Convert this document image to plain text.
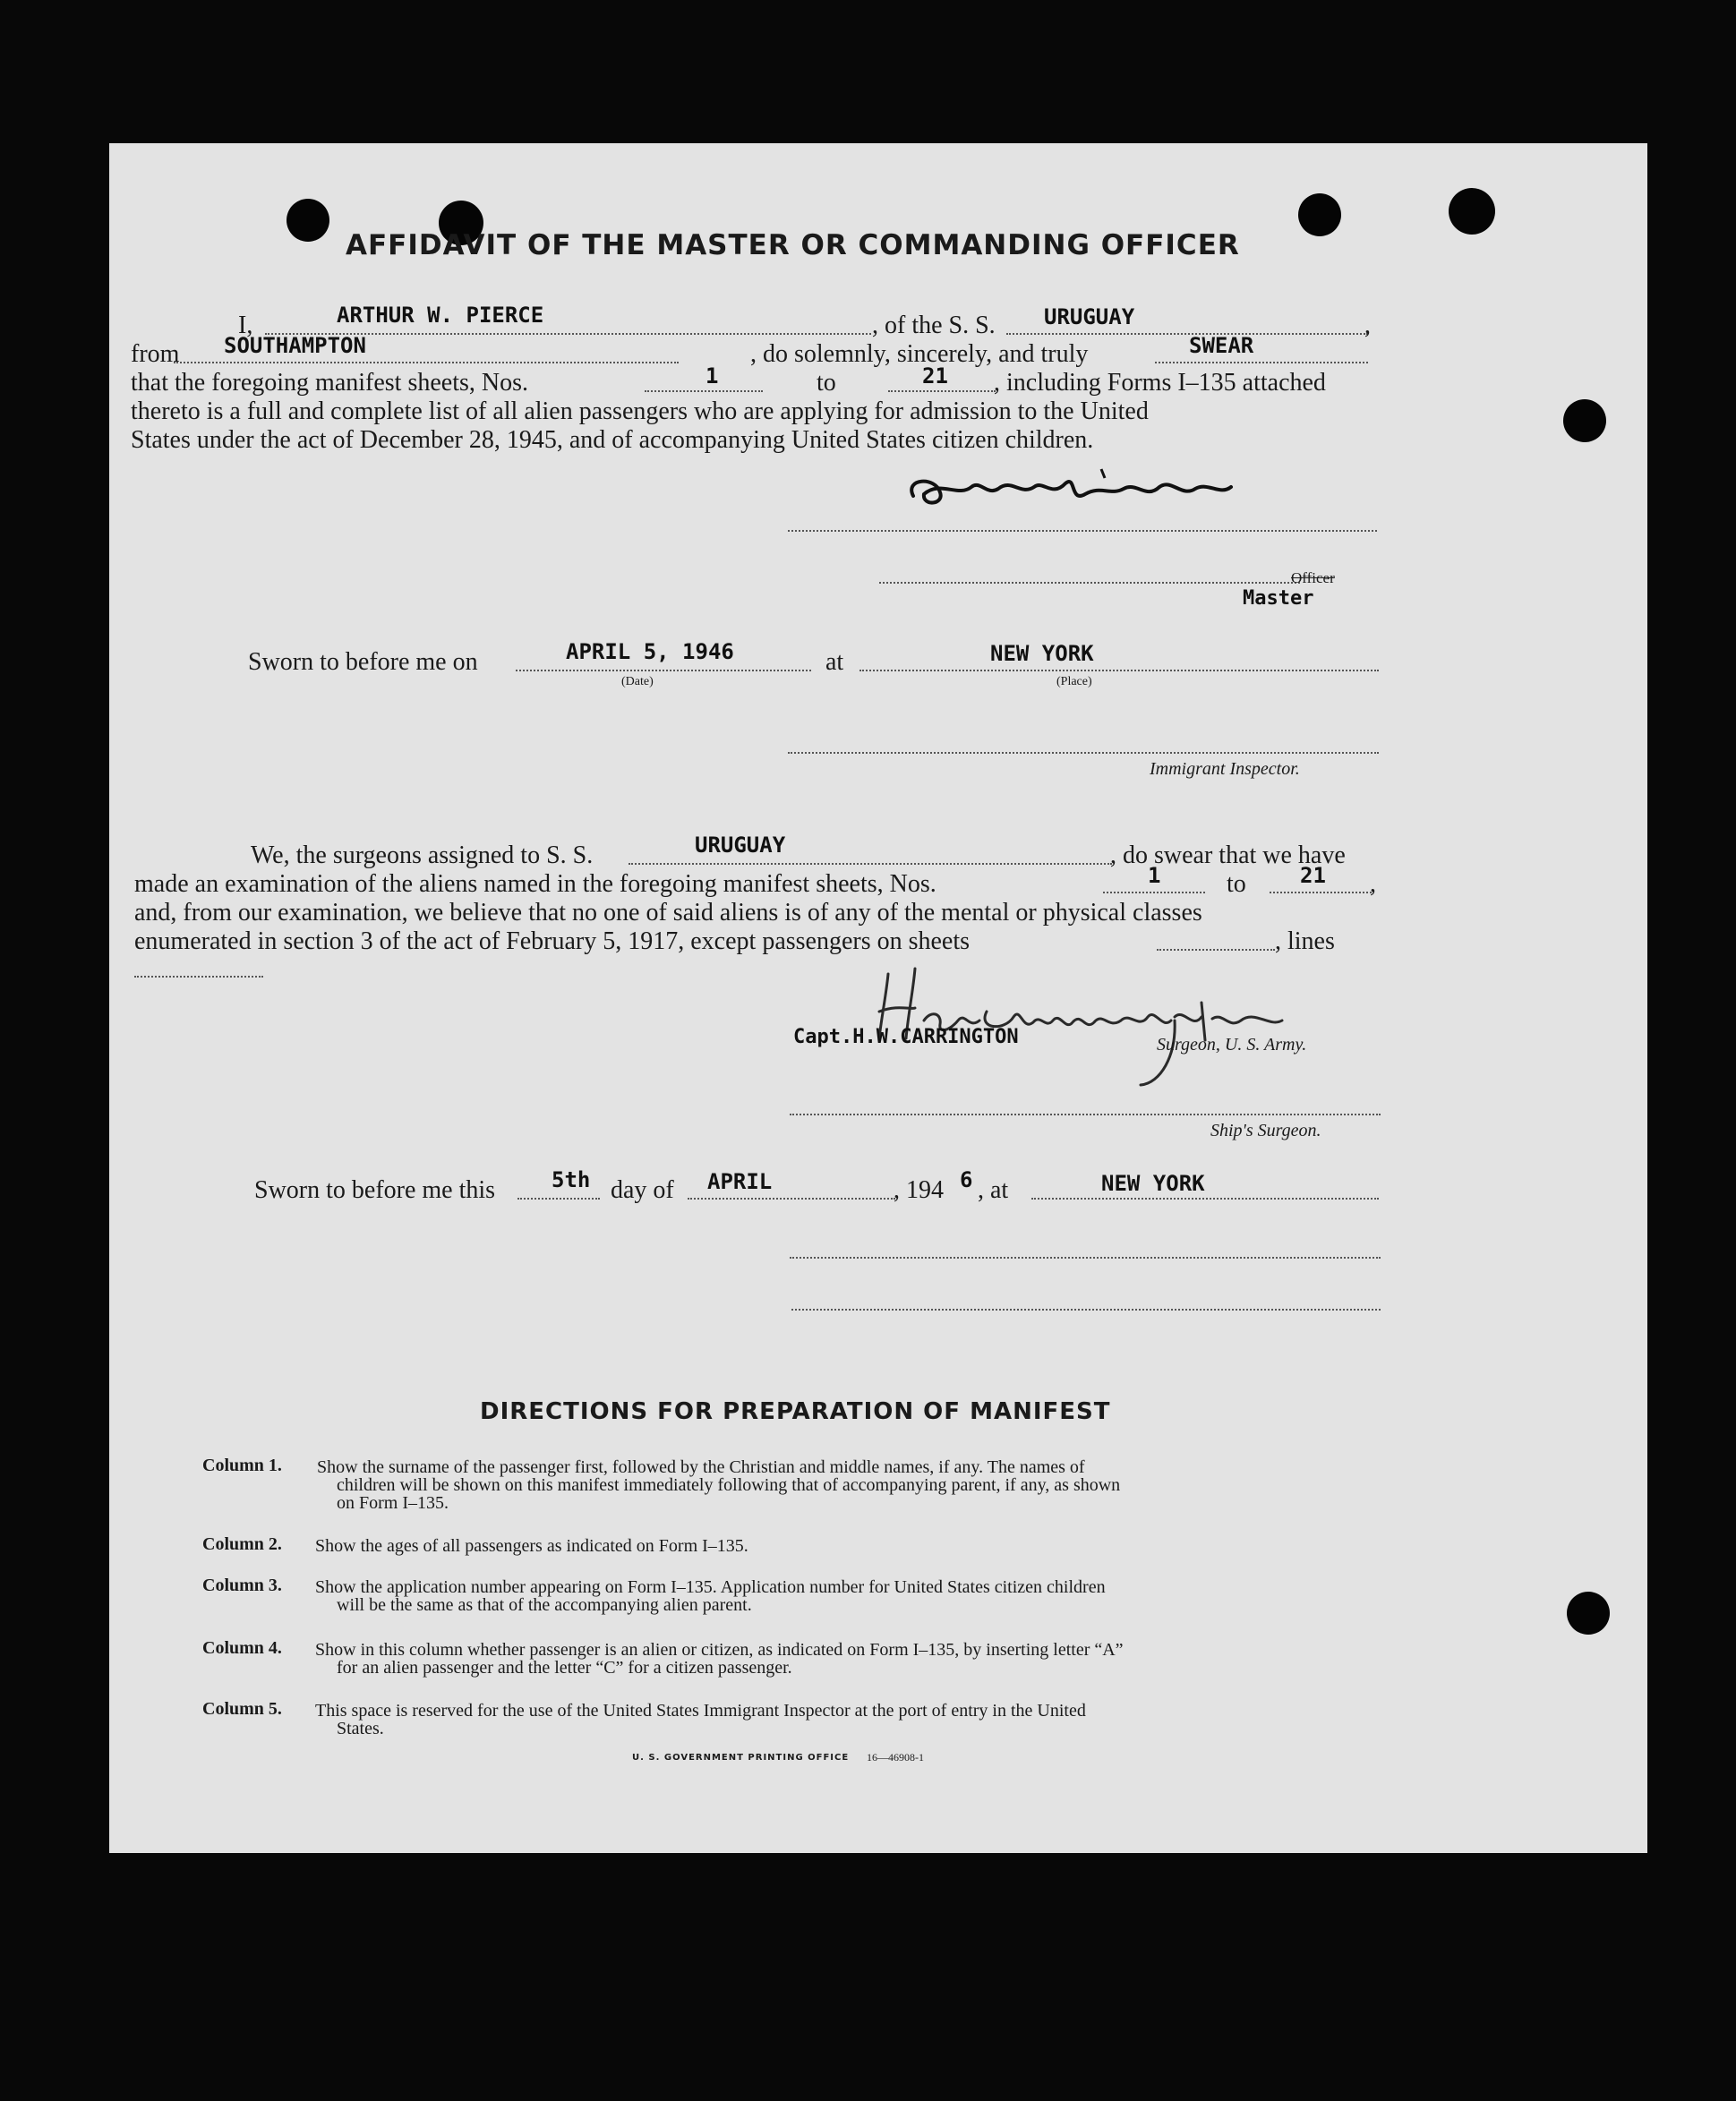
AFFIDAVIT OF THE MASTER OR COMMANDING OFFICER
I,	ARTHUR W. PIERCE	, of the S. S. URUGUAY	,
from SOUTHAMPTON	, do solemnly, sincerely, and truly	SWEAR
that the foregoing manifest sheets, Nos.	1	to	21 , including Forms I–135 attached
thereto is a full and complete list of all alien passengers who are applying for admission to the United
States under the act of December 28, 1945, and of accompanying United States citizen children.
Officer
Master
Sworn to before me on	APRIL 5, 1946
(Date)
at	NEW YORK
(Place)
Immigrant Inspector.
We, the surgeons assigned to S. S.	URUGUAY	, do swear that we have
made an examination of the aliens named in the foregoing manifest sheets, Nos.	1	to	21 ,
and, from our examination, we believe that no one of said aliens is of any of the mental or physical classes
enumerated in section 3 of the act of February 5, 1917, except passengers on sheets	, lines
Capt.H.W.CARRINGTON	Surgeon, U. S. Army.
Ship's Surgeon.
Sworn to before me this	5th day of APRIL	, 194 6 , at	NEW YORK
DIRECTIONS FOR PREPARATION OF MANIFEST
Column 1. Show the surname of the passenger first, followed by the Christian and middle names, if any. The names of
children will be shown on this manifest immediately following that of accompanying parent, if any, as shown
on Form I–135.
Column 2. Show the ages of all passengers as indicated on Form I–135.
Column 3. Show the application number appearing on Form I–135. Application number for United States citizen children
will be the same as that of the accompanying alien parent.
Column 4. Show in this column whether passenger is an alien or citizen, as indicated on Form I–135, by inserting letter “A”
for an alien passenger and the letter “C” for a citizen passenger.
Column 5. This space is reserved for the use of the United States Immigrant Inspector at the port of entry in the United
States.
U. S. GOVERNMENT PRINTING OFFICE 16—46908-1
